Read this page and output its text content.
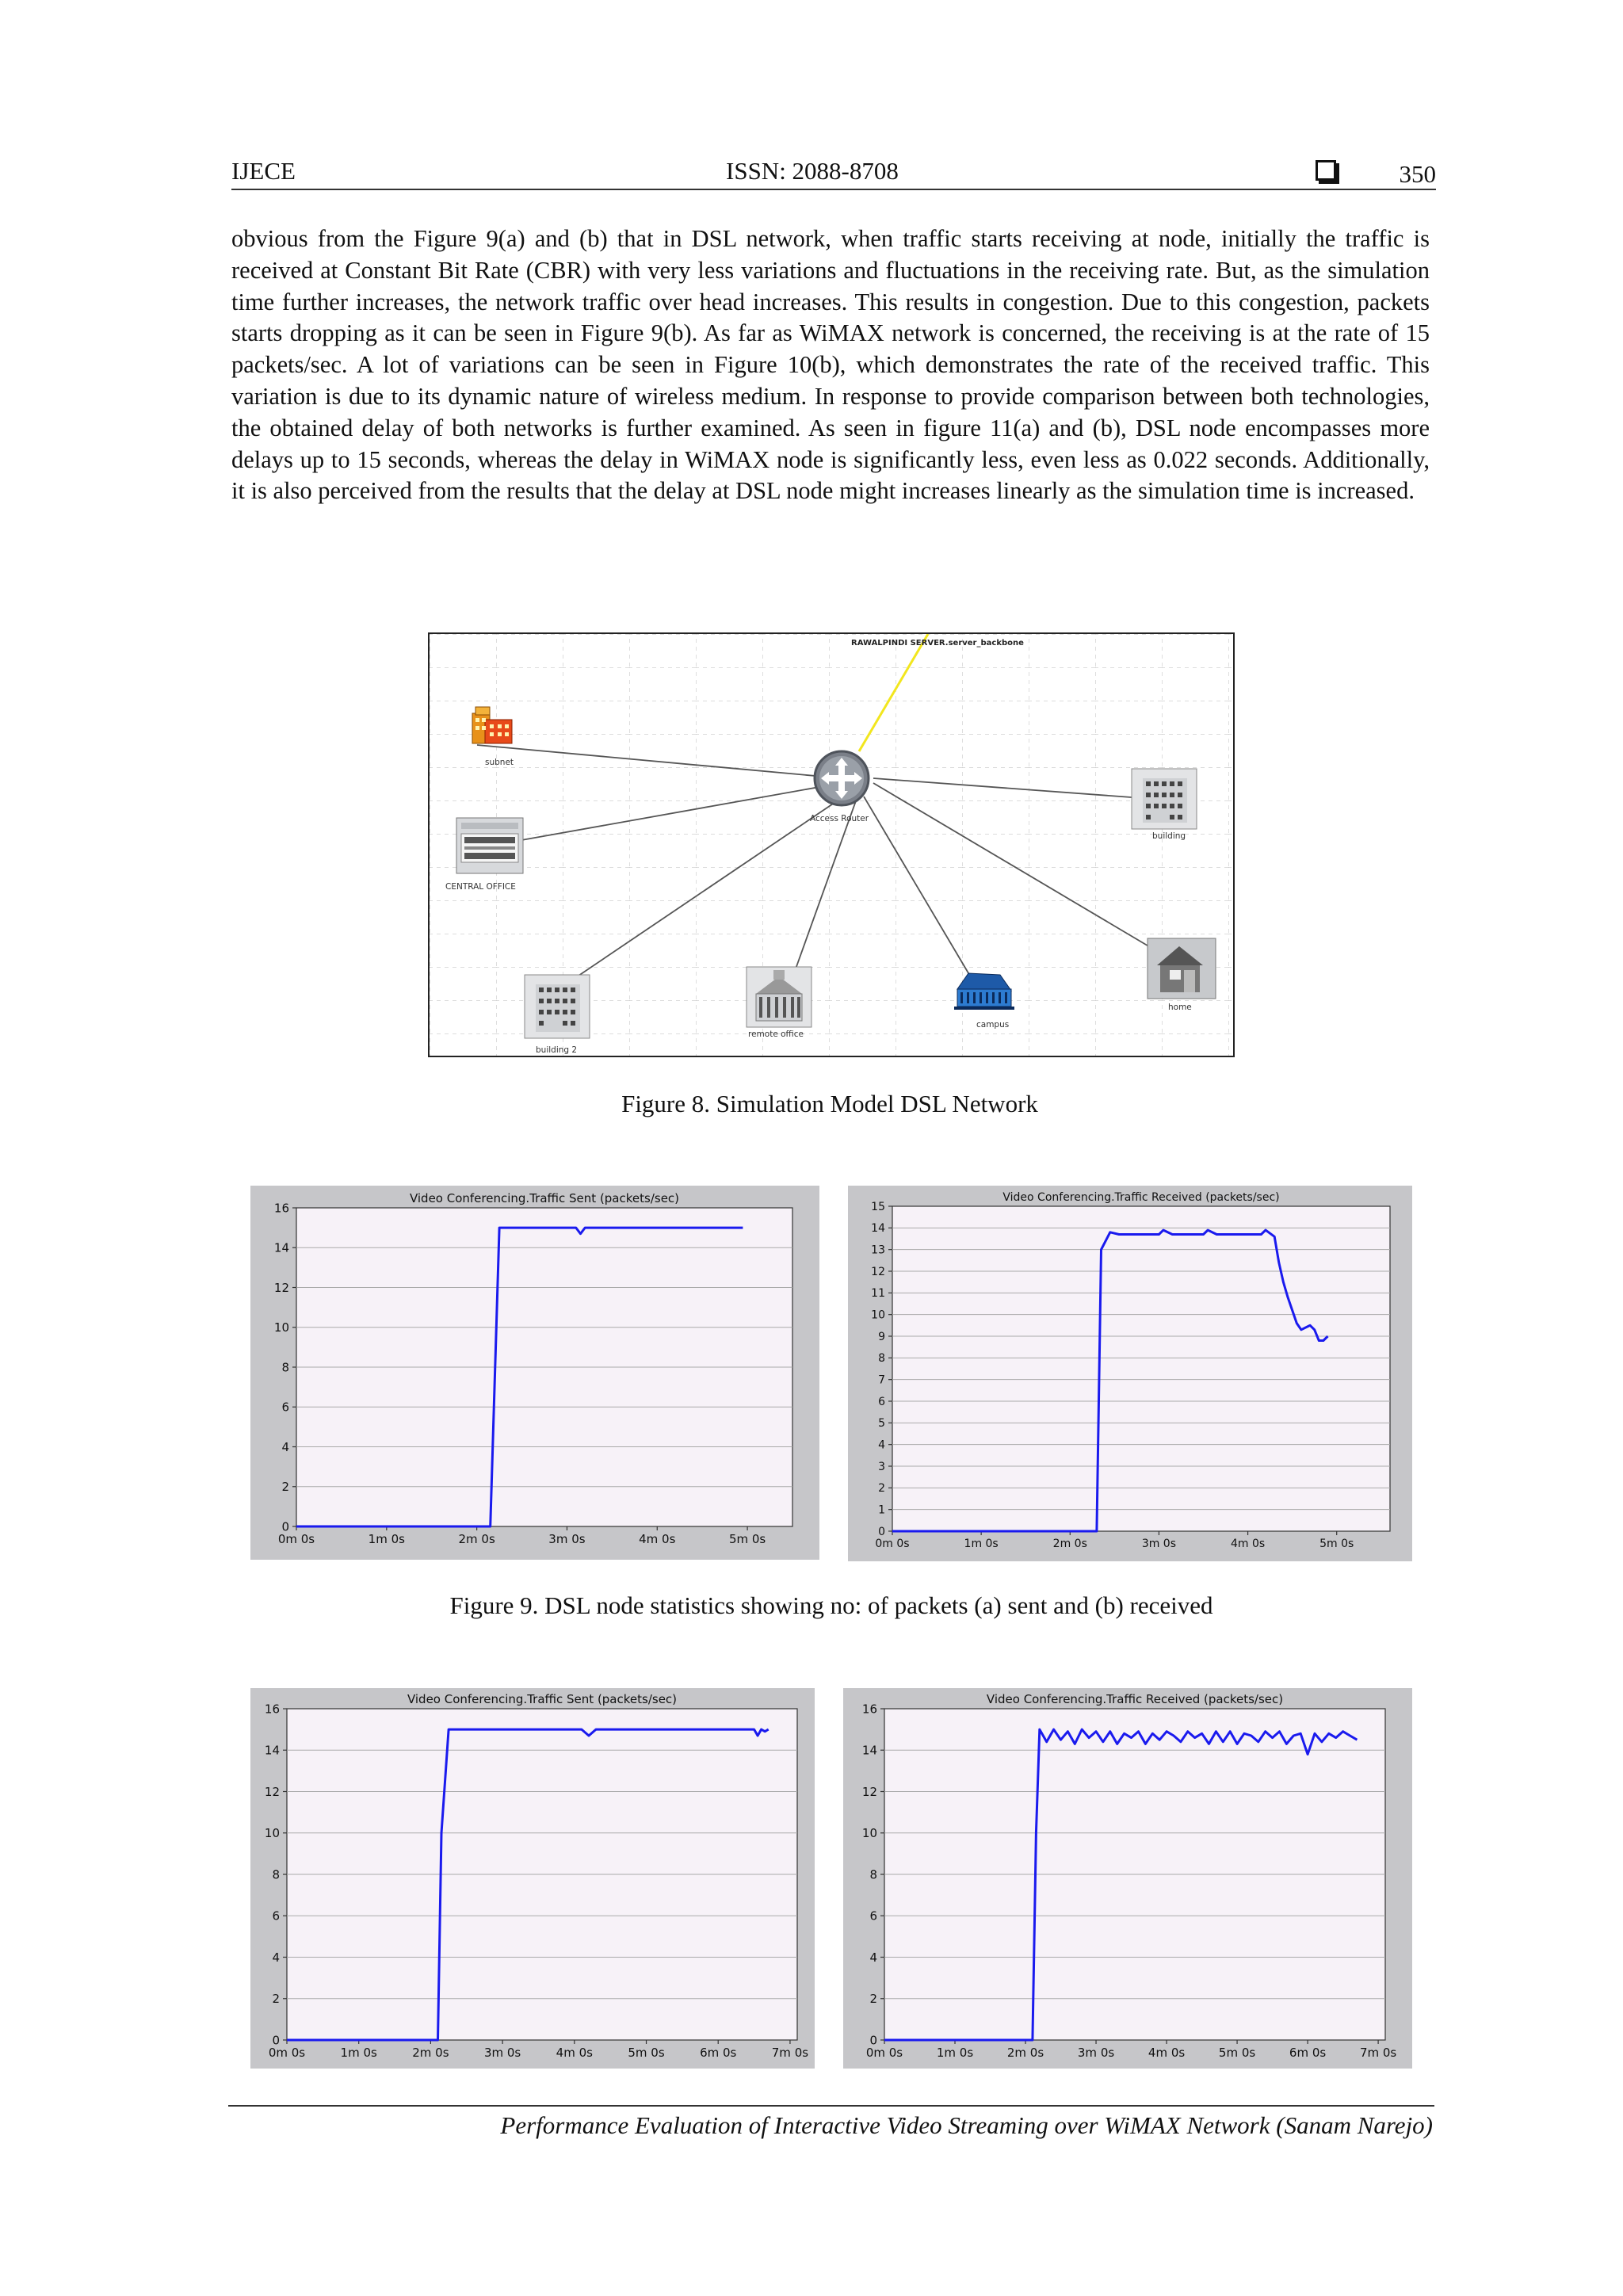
IJECE	ISSN: 2088-8708	350

obvious from the Figure 9(a) and (b) that in DSL network, when traffic starts receiving at node, initially the traffic is received at Constant Bit Rate (CBR) with very less variations and fluctuations in the receiving rate. But, as the simulation time further increases, the network traffic over head increases. This results in congestion. Due to this congestion, packets starts dropping as it can be seen in Figure 9(b). As far as WiMAX network is concerned, the receiving is at the rate of 15 packets/sec. A lot of variations can be seen in Figure 10(b), which demonstrates the rate of the received traffic. This variation is due to its dynamic nature of wireless medium. In response to provide comparison between both technologies, the obtained delay of both networks is further examined. As seen in figure 11(a) and (b), DSL node encompasses more delays up to 15 seconds, whereas the delay in WiMAX node is significantly less, even less as 0.022 seconds. Additionally, it is also perceived from the results that the delay at DSL node might increases linearly as the simulation time is increased.

RAWALPINDI SERVER.server_backbone
Access Router
subnet
CENTRAL OFFICE
building
home
building 2
remote office
campus
Figure 8. Simulation Model DSL Network
Video Conferencing.Traffic Sent (packets/sec)
0
2
4
6
8
10
12
14
16
0m 0s	1m 0s	2m 0s	3m 0s	4m 0s	5m 0s
Video Conferencing.Traffic Received (packets/sec)
0
1
2
3
4
5
6
7
8
9
10
11
12
13
14
15
0m 0s	1m 0s	2m 0s	3m 0s	4m 0s	5m 0s
Figure 9. DSL node statistics showing no: of packets (a) sent and (b) received
Video Conferencing.Traffic Sent (packets/sec)
0
2
4
6
8
10
12
14
16
0m 0s	1m 0s	2m 0s	3m 0s	4m 0s	5m 0s	6m 0s	7m 0s
Video Conferencing.Traffic Received (packets/sec)
0
2
4
6
8
10
12
14
16
0m 0s	1m 0s	2m 0s	3m 0s	4m 0s	5m 0s	6m 0s	7m 0s
Performance Evaluation of Interactive Video Streaming over WiMAX Network (Sanam Narejo)
